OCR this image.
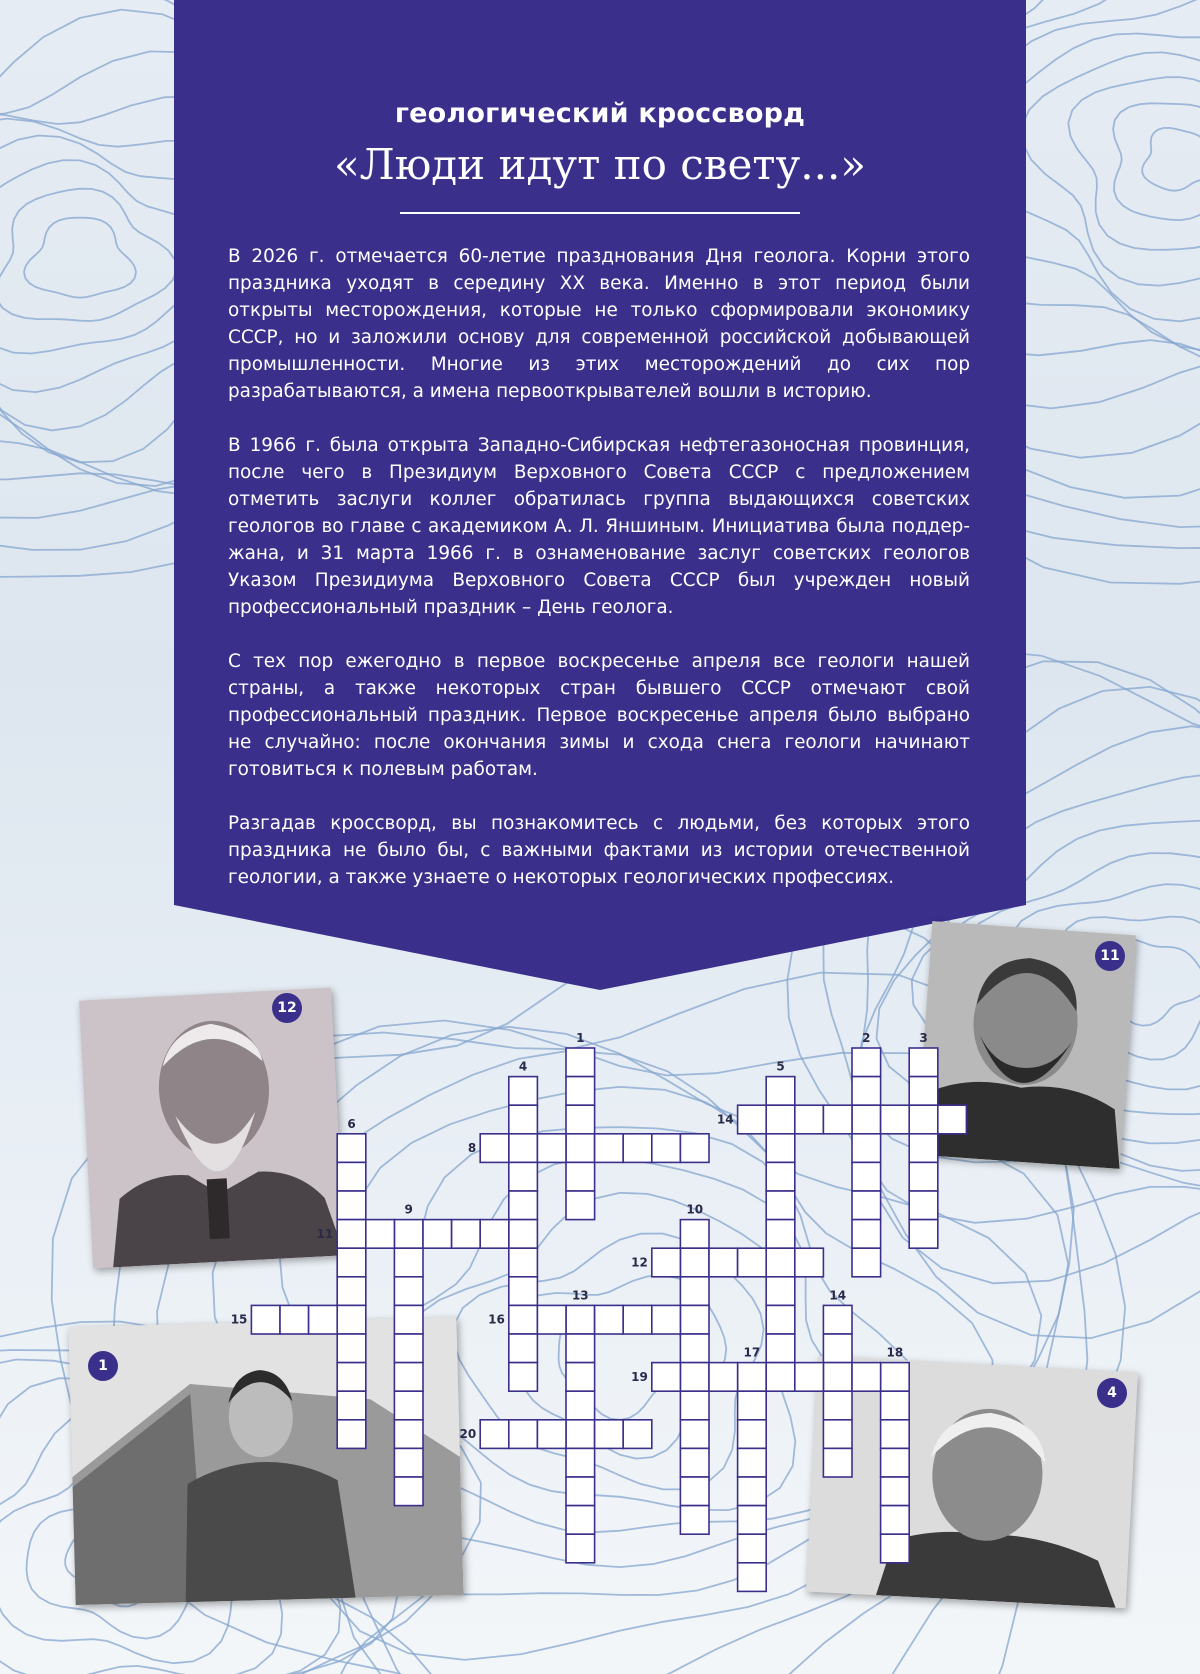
геологический кроссворд
«Люди идут по свету...»

В 2026 г. отмечается 60-летие празднования Дня геолога. Корни этого праздника уходят в середину XX века. Именно в этот период были открыты месторождения, которые не только сформировали экономику СССР, но и заложили основу для современной российской добывающей промышленности. Многие из этих месторождений до сих пор разрабатываются, а имена первооткрывателей вошли в историю.

В 1966 г. была открыта Западно-Сибирская нефтегазоносная провинция, после чего в Президиум Верховного Совета СССР с предложением отметить заслуги коллег обратилась группа выдающихся советских геологов во главе с академиком А. Л. Яншиным. Инициатива была поддержана, и 31 марта 1966 г. в ознаменование заслуг советских геологов Указом Президиума Верховного Совета СССР был учрежден новый профессиональный праздник – День геолога.

С тех пор ежегодно в первое воскресенье апреля все геологи нашей страны, а также некоторых стран бывшего СССР отмечают свой профессиональный праздник. Первое воскресенье апреля было выбрано не случайно: после окончания зимы и схода снега геологи начинают готовиться к полевым работам.

Разгадав кроссворд, вы познакомитесь с людьми, без которых этого праздника не было бы, с важными фактами из истории отечественной геологии, а также узнаете о некоторых геологических профессиях.

12
11
1
4
1	2	3
4	5
14
6
8
9
11
10
12
13	14
15	16
17	18
19
20
